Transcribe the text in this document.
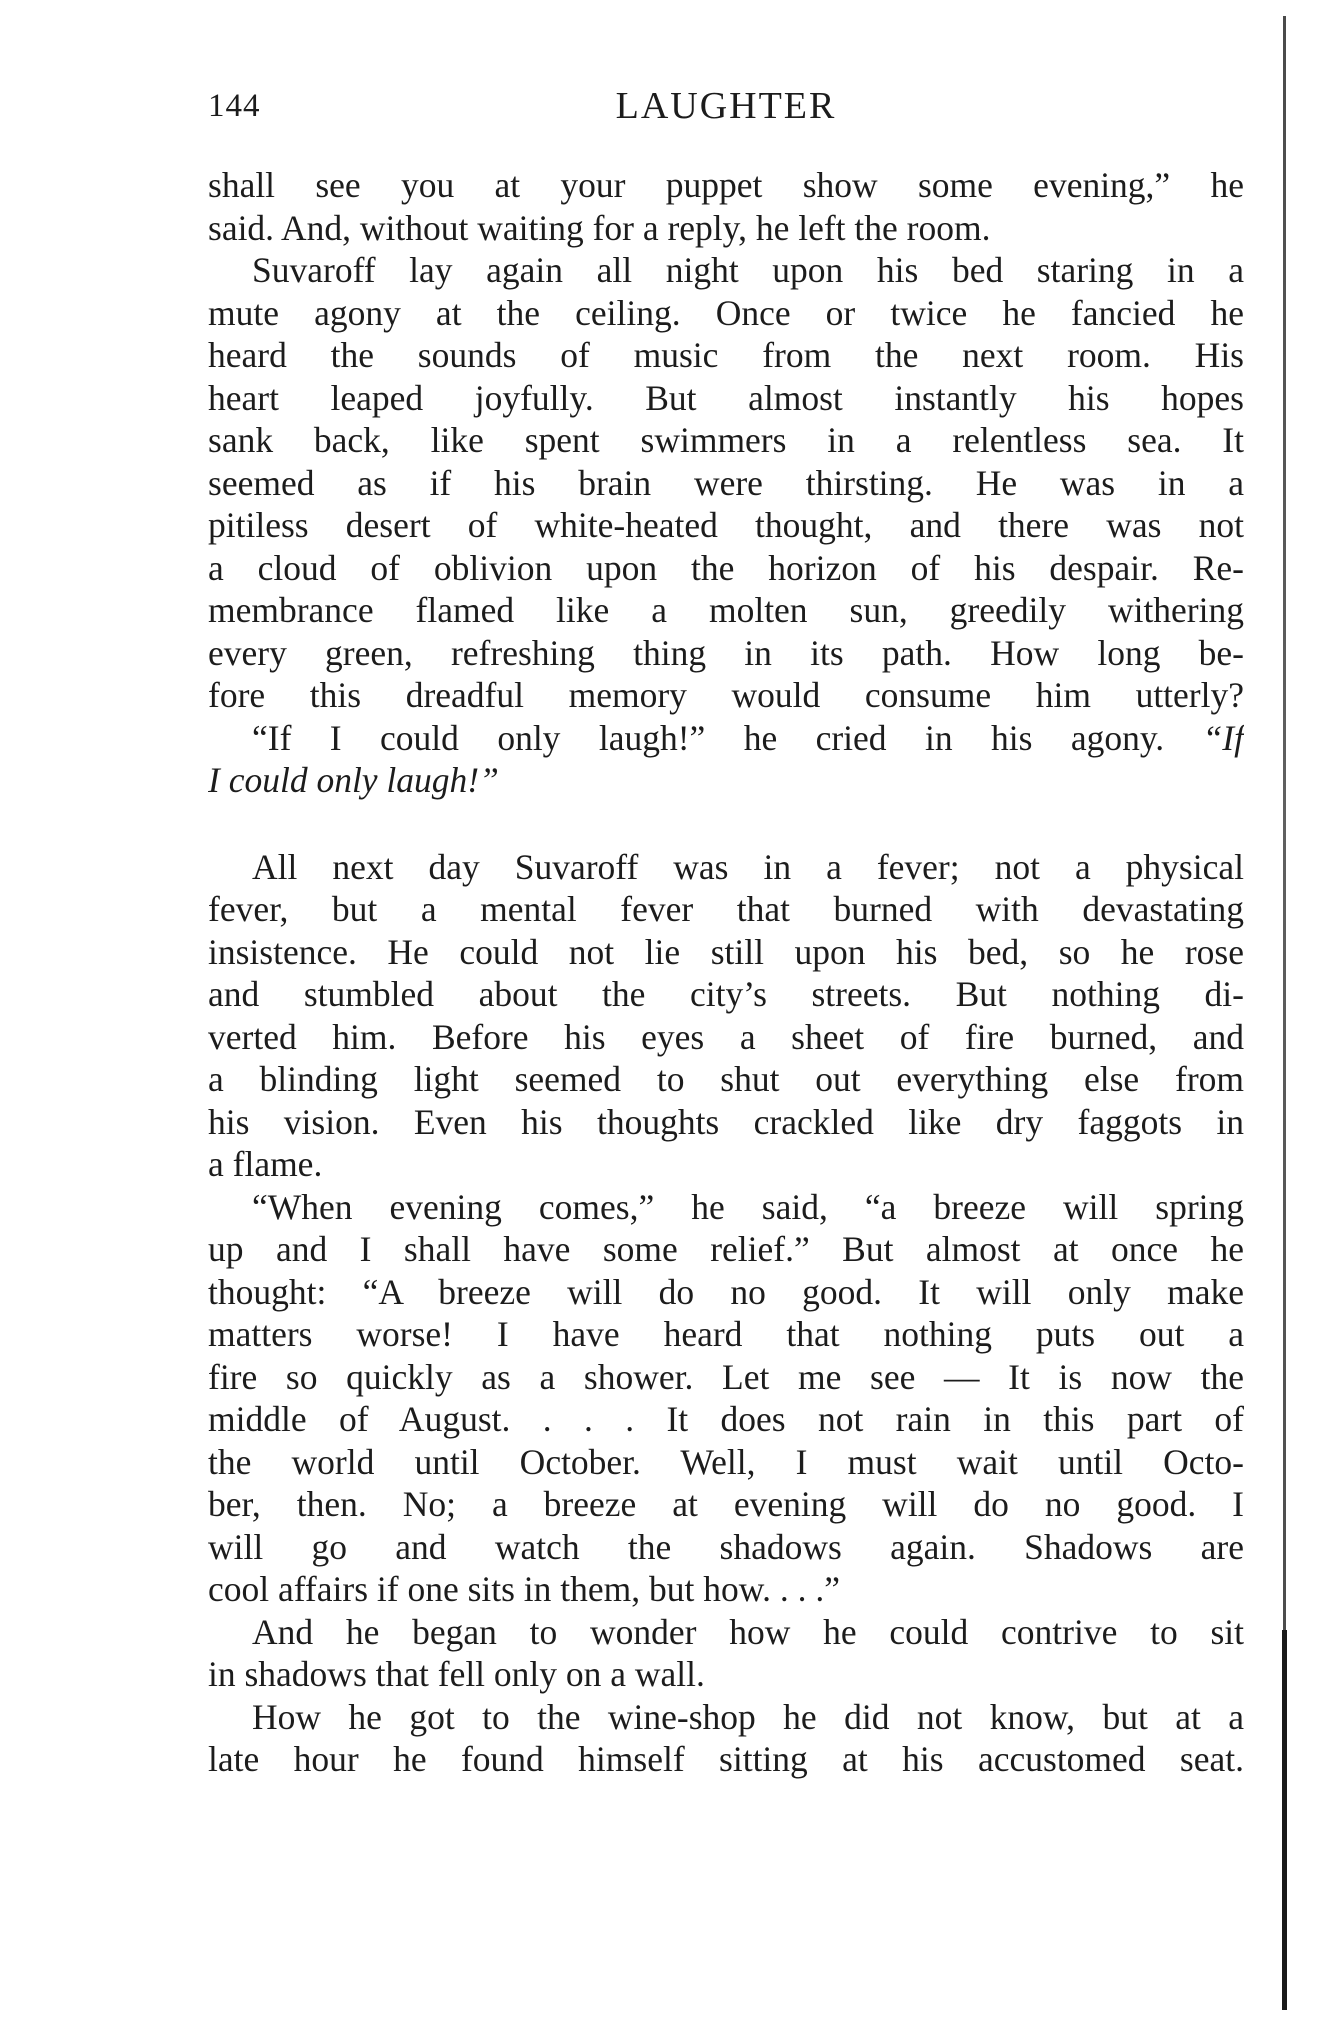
144	LAUGHTER
shall see you at your puppet show some evening,” he
said. And, without waiting for a reply, he left the room.
Suvaroff lay again all night upon his bed staring in a
mute agony at the ceiling. Once or twice he fancied he
heard the sounds of music from the next room. His
heart leaped joyfully. But almost instantly his hopes
sank back, like spent swimmers in a relentless sea. It
seemed as if his brain were thirsting. He was in a
pitiless desert of white-heated thought, and there was not
a cloud of oblivion upon the horizon of his despair. Re-
membrance flamed like a molten sun, greedily withering
every green, refreshing thing in its path. How long be-
fore this dreadful memory would consume him utterly?
“If I could only laugh!” he cried in his agony. “If
I could only laugh!”
All next day Suvaroff was in a fever; not a physical
fever, but a mental fever that burned with devastating
insistence. He could not lie still upon his bed, so he rose
and stumbled about the city’s streets. But nothing di-
verted him. Before his eyes a sheet of fire burned, and
a blinding light seemed to shut out everything else from
his vision. Even his thoughts crackled like dry faggots in
a flame.
“When evening comes,” he said, “a breeze will spring
up and I shall have some relief.” But almost at once he
thought: “A breeze will do no good. It will only make
matters worse! I have heard that nothing puts out a
fire so quickly as a shower. Let me see — It is now the
middle of August. . . . It does not rain in this part of
the world until October. Well, I must wait until Octo-
ber, then. No; a breeze at evening will do no good. I
will go and watch the shadows again. Shadows are
cool affairs if one sits in them, but how. . . .”
And he began to wonder how he could contrive to sit
in shadows that fell only on a wall.
How he got to the wine-shop he did not know, but at a
late hour he found himself sitting at his accustomed seat.
